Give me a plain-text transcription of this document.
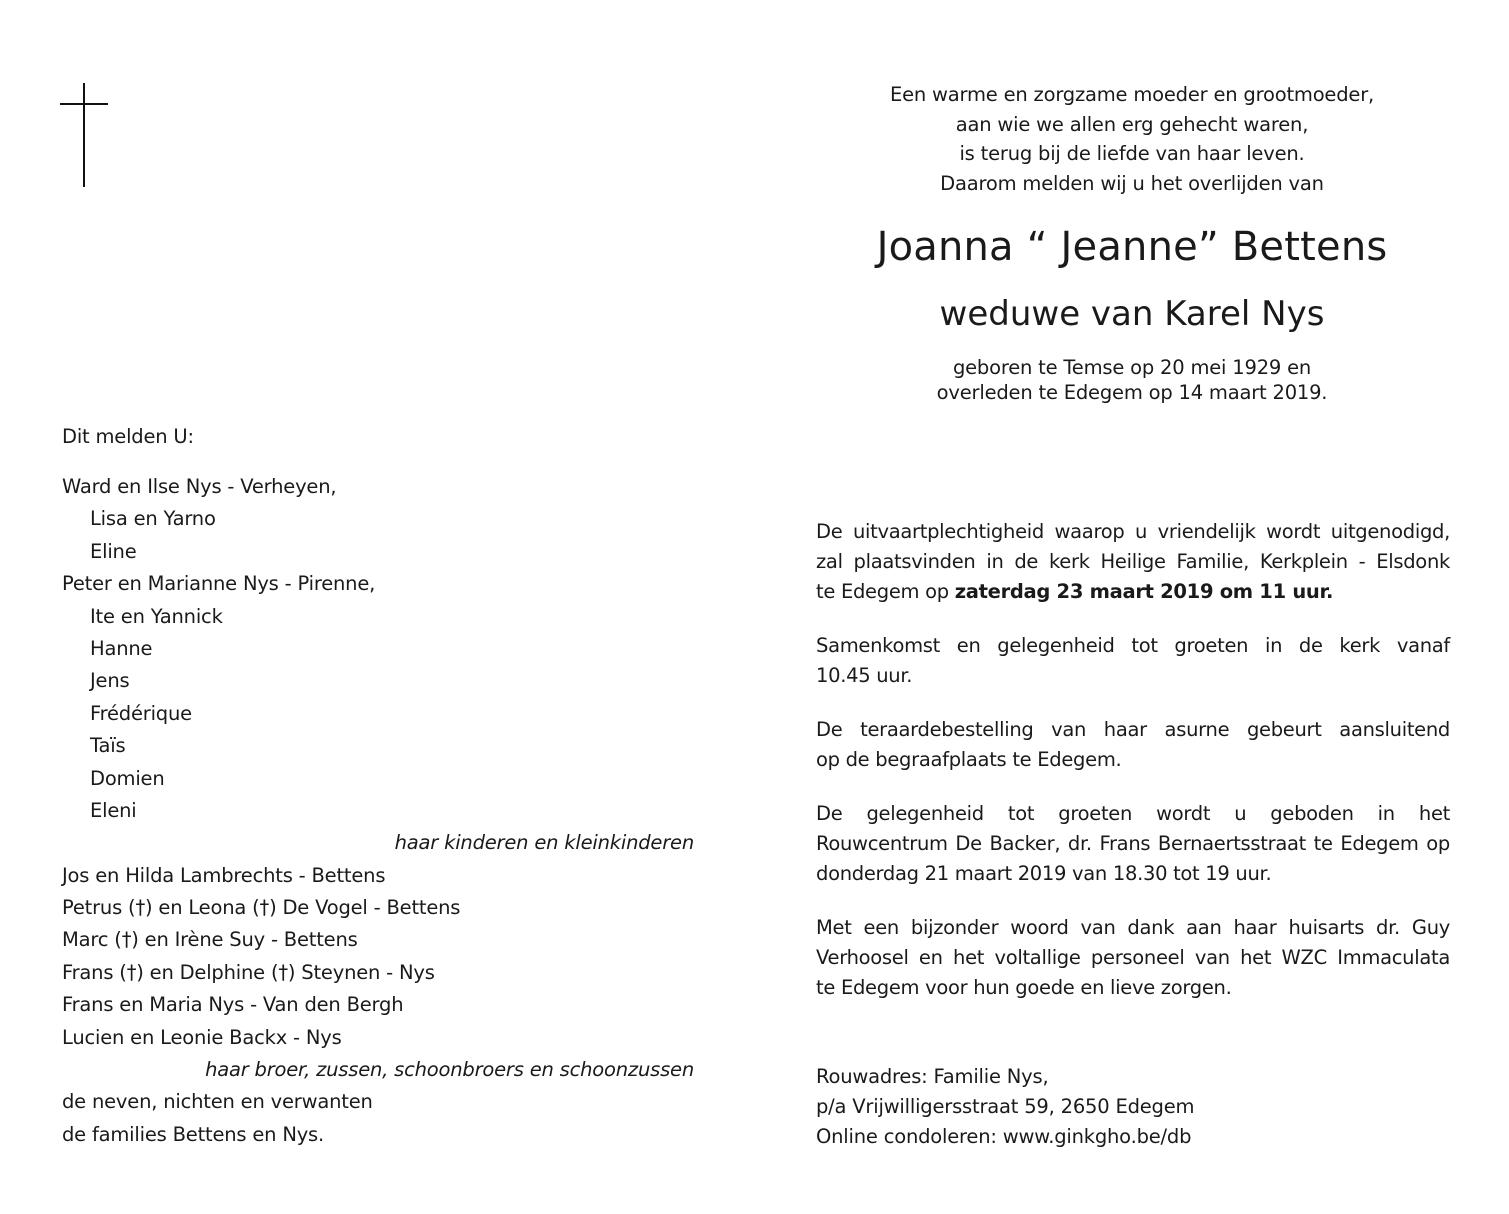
Een warme en zorgzame moeder en grootmoeder,
aan wie we allen erg gehecht waren,
is terug bij de liefde van haar leven.
Daarom melden wij u het overlijden van
Joanna “ Jeanne” Bettens
weduwe van Karel Nys
geboren te Temse op 20 mei 1929 en
overleden te Edegem op 14 maart 2019.
Dit melden U:
Ward en Ilse Nys - Verheyen,
Lisa en Yarno
Eline
Peter en Marianne Nys - Pirenne,
Ite en Yannick
Hanne
Jens
Frédérique
Taïs
Domien
Eleni
haar kinderen en kleinkinderen
Jos en Hilda Lambrechts - Bettens
Petrus (†) en Leona (†) De Vogel - Bettens
Marc (†) en Irène Suy - Bettens
Frans (†) en Delphine (†) Steynen - Nys
Frans en Maria Nys - Van den Bergh
Lucien en Leonie Backx - Nys
haar broer, zussen, schoonbroers en schoonzussen
de neven, nichten en verwanten
de families Bettens en Nys.

De uitvaartplechtigheid waarop u vriendelijk wordt uitgenodigd,
zal plaatsvinden in de kerk Heilige Familie, Kerkplein - Elsdonk
te Edegem op zaterdag 23 maart 2019 om 11 uur.

Samenkomst en gelegenheid tot groeten in de kerk vanaf
10.45 uur.

De teraardebestelling van haar asurne gebeurt aansluitend
op de begraafplaats te Edegem.

De gelegenheid tot groeten wordt u geboden in het
Rouwcentrum De Backer, dr. Frans Bernaertsstraat te Edegem op
donderdag 21 maart 2019 van 18.30 tot 19 uur.

Met een bijzonder woord van dank aan haar huisarts dr. Guy
Verhoosel en het voltallige personeel van het WZC Immaculata
te Edegem voor hun goede en lieve zorgen.

Rouwadres: Familie Nys,
p/a Vrijwilligersstraat 59, 2650 Edegem
Online condoleren: www.ginkgho.be/db
